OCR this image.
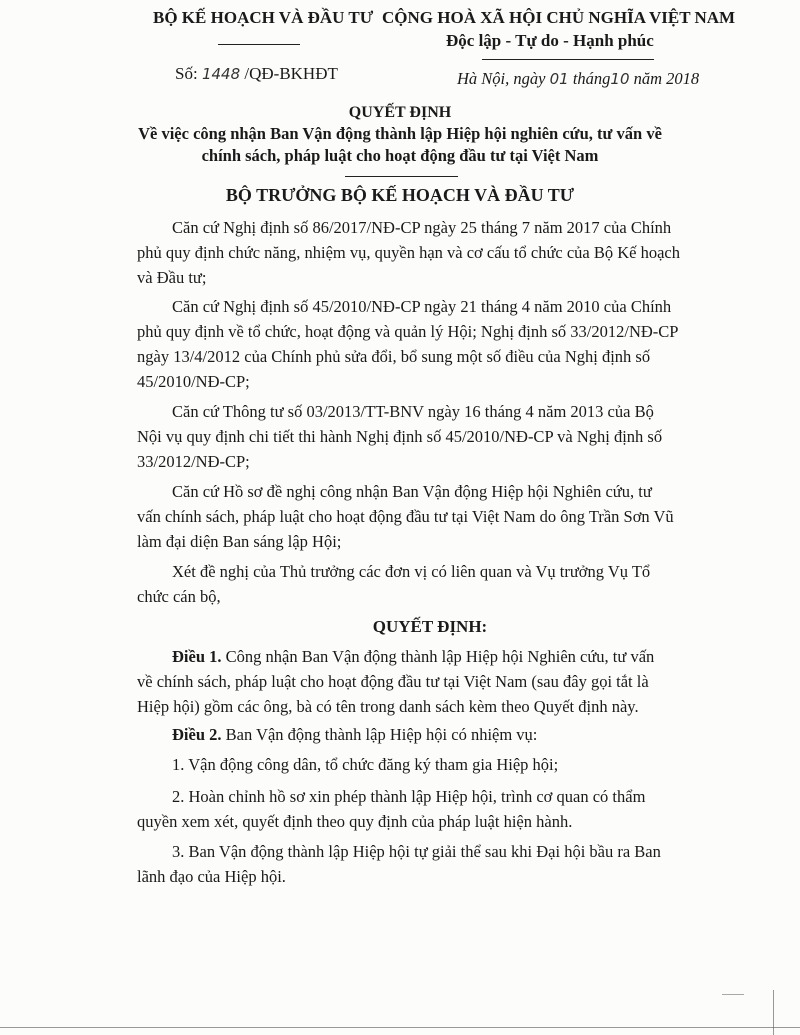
BỘ KẾ HOẠCH VÀ ĐẦU TƯ CỘNG HOÀ XÃ HỘI CHỦ NGHĨA VIỆT NAM
Độc lập - Tự do - Hạnh phúc
Số: 1448 /QĐ-BKHĐT	Hà Nội, ngày 01 tháng10 năm 2018
QUYẾT ĐỊNH
Về việc công nhận Ban Vận động thành lập Hiệp hội nghiên cứu, tư vấn về
chính sách, pháp luật cho hoạt động đầu tư tại Việt Nam
BỘ TRƯỞNG BỘ KẾ HOẠCH VÀ ĐẦU TƯ
Căn cứ Nghị định số 86/2017/NĐ-CP ngày 25 tháng 7 năm 2017 của Chính
phủ quy định chức năng, nhiệm vụ, quyền hạn và cơ cấu tổ chức của Bộ Kế hoạch
và Đầu tư;
Căn cứ Nghị định số 45/2010/NĐ-CP ngày 21 tháng 4 năm 2010 của Chính
phủ quy định về tổ chức, hoạt động và quản lý Hội; Nghị định số 33/2012/NĐ-CP
ngày 13/4/2012 của Chính phủ sửa đổi, bổ sung một số điều của Nghị định số
45/2010/NĐ-CP;
Căn cứ Thông tư số 03/2013/TT-BNV ngày 16 tháng 4 năm 2013 của Bộ
Nội vụ quy định chi tiết thi hành Nghị định số 45/2010/NĐ-CP và Nghị định số
33/2012/NĐ-CP;
Căn cứ Hồ sơ đề nghị công nhận Ban Vận động Hiệp hội Nghiên cứu, tư
vấn chính sách, pháp luật cho hoạt động đầu tư tại Việt Nam do ông Trần Sơn Vũ
làm đại diện Ban sáng lập Hội;
Xét đề nghị của Thủ trưởng các đơn vị có liên quan và Vụ trưởng Vụ Tổ
chức cán bộ,
QUYẾT ĐỊNH:
Điều 1. Công nhận Ban Vận động thành lập Hiệp hội Nghiên cứu, tư vấn
về chính sách, pháp luật cho hoạt động đầu tư tại Việt Nam (sau đây gọi tắt là
Hiệp hội) gồm các ông, bà có tên trong danh sách kèm theo Quyết định này.
Điều 2. Ban Vận động thành lập Hiệp hội có nhiệm vụ:
1. Vận động công dân, tổ chức đăng ký tham gia Hiệp hội;
2. Hoàn chỉnh hồ sơ xin phép thành lập Hiệp hội, trình cơ quan có thẩm
quyền xem xét, quyết định theo quy định của pháp luật hiện hành.
3. Ban Vận động thành lập Hiệp hội tự giải thể sau khi Đại hội bầu ra Ban
lãnh đạo của Hiệp hội.
